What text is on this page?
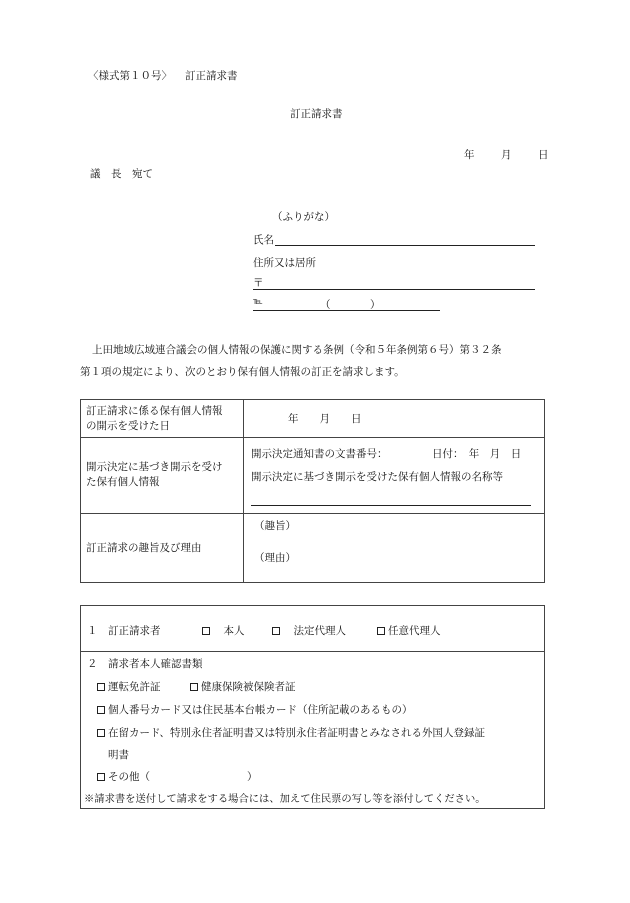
〈様式第１０号〉 訂正請求書
訂正請求書
年	月	日
議　長　宛て
（ふりがな）
氏名
住所又は居所
〒
℡	（	）
上田地域広域連合議会の個人情報の保護に関する条例（令和５年条例第６号）第３２条
第１項の規定により、次のとおり保有個人情報の訂正を請求します。
訂正請求に係る保有個人情報
の開示を受けた日
年　　月　　日
開示決定に基づき開示を受け
た保有個人情報
開示決定通知書の文書番号：	日付：　年　月　日
開示決定に基づき開示を受けた保有個人情報の名称等
訂正請求の趣旨及び理由
（趣旨）
（理由）
１　訂正請求者
　	本人
　	法定代理人	任意代理人
２　請求者本人確認書類
運転免許証	健康保険被保険者証
個人番号カード又は住民基本台帳カード（住所記載のあるもの）
在留カード、特別永住者証明書又は特別永住者証明書とみなされる外国人登録証
明書
その他（	）
※請求書を送付して請求をする場合には、加えて住民票の写し等を添付してください。
